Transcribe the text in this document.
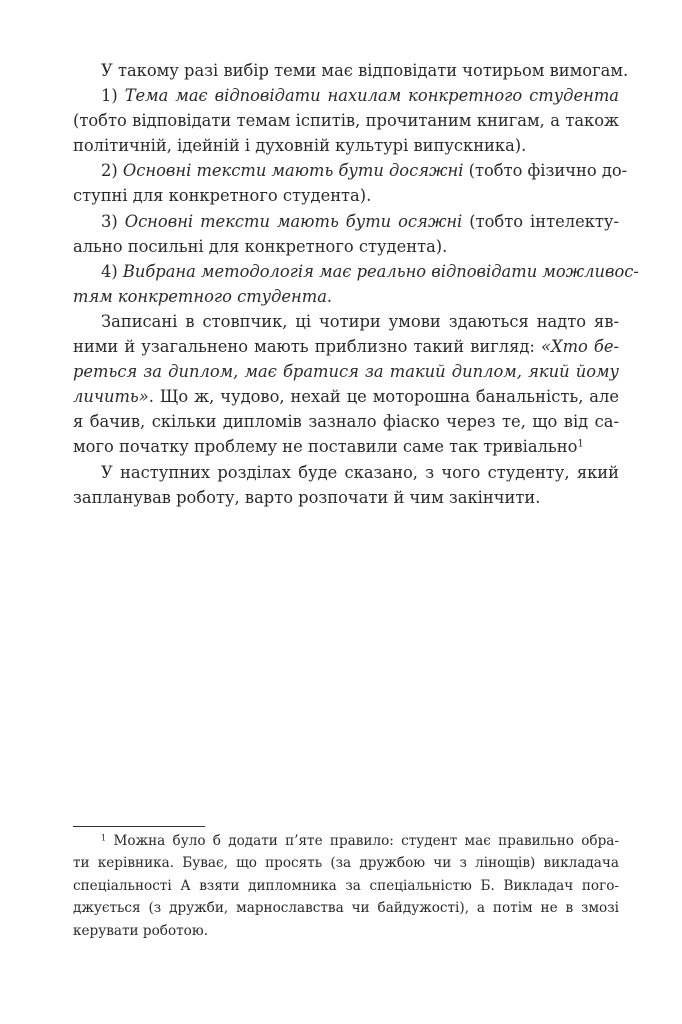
У такому разі вибір теми має відповідати чотирьом вимогам.
1) Тема має відповідати нахилам конкретного студента
(тобто відповідати темам іспитів, прочитаним книгам, а також
політичній, ідейній і духовній культурі випускника).
2) Основні тексти мають бути досяжні (тобто фізично до-
ступні для конкретного студента).
3) Основні тексти мають бути осяжні (тобто інтелекту-
ально посильні для конкретного студента).
4) Вибрана методологія має реально відповідати можливос-
тям конкретного студента.
Записані в стовпчик, ці чотири умови здаються надто яв-
ними й узагальнено мають приблизно такий вигляд: «Хто бе-
реться за диплом, має братися за такий диплом, який йому
личить». Що ж, чудово, нехай це моторошна банальність, але
я бачив, скільки дипломів зазнало фіаско через те, що від са-
мого початку проблему не поставили саме так тривіально$^1$
У наступних розділах буде сказано, з чого студенту, який
запланував роботу, варто розпочати й чим закінчити.
$^1$ Можна було б додати п’яте правило: студент має правильно обра-
ти керівника. Буває, що просять (за дружбою чи з лінощів) викладача
спеціальності А взяти дипломника за спеціальністю Б. Викладач пого-
джується (з дружби, марнославства чи байдужості), а потім не в змозі
керувати роботою.
